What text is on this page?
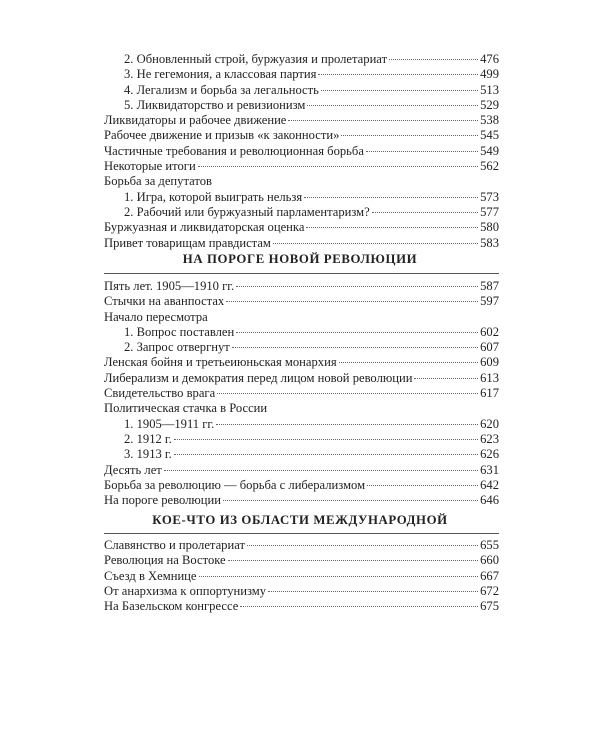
2. Обновленный строй, буржуазия и пролетариат	476
3. Не гегемония, а классовая партия	499
4. Легализм и борьба за легальность	513
5. Ликвидаторство и ревизионизм	529
Ликвидаторы и рабочее движение	538
Рабочее движение и призыв «к законности»	545
Частичные требования и революционная борьба	549
Некоторые итоги	562
Борьба за депутатов
1. Игра, которой выиграть нельзя	573
2. Рабочий или буржуазный парламентаризм?	577
Буржуазная и ликвидаторская оценка	580
Привет товарищам правдистам	583
НА ПОРОГЕ НОВОЙ РЕВОЛЮЦИИ
Пять лет. 1905—1910 гг.	587
Стычки на аванпостах	597
Начало пересмотра
1. Вопрос поставлен	602
2. Запрос отвергнут	607
Ленская бойня и третьеиюньская монархия	609
Либерализм и демократия перед лицом новой революции	613
Свидетельство врага	617
Политическая стачка в России
1. 1905—1911 гг.	620
2. 1912 г.	623
3. 1913 г.	626
Десять лет	631
Борьба за революцию — борьба с либерализмом	642
На пороге революции	646
КОЕ-ЧТО ИЗ ОБЛАСТИ МЕЖДУНАРОДНОЙ
Славянство и пролетариат	655
Революция на Востоке	660
Съезд в Хемнице	667
От анархизма к оппортунизму	672
На Базельском конгрессе	675
